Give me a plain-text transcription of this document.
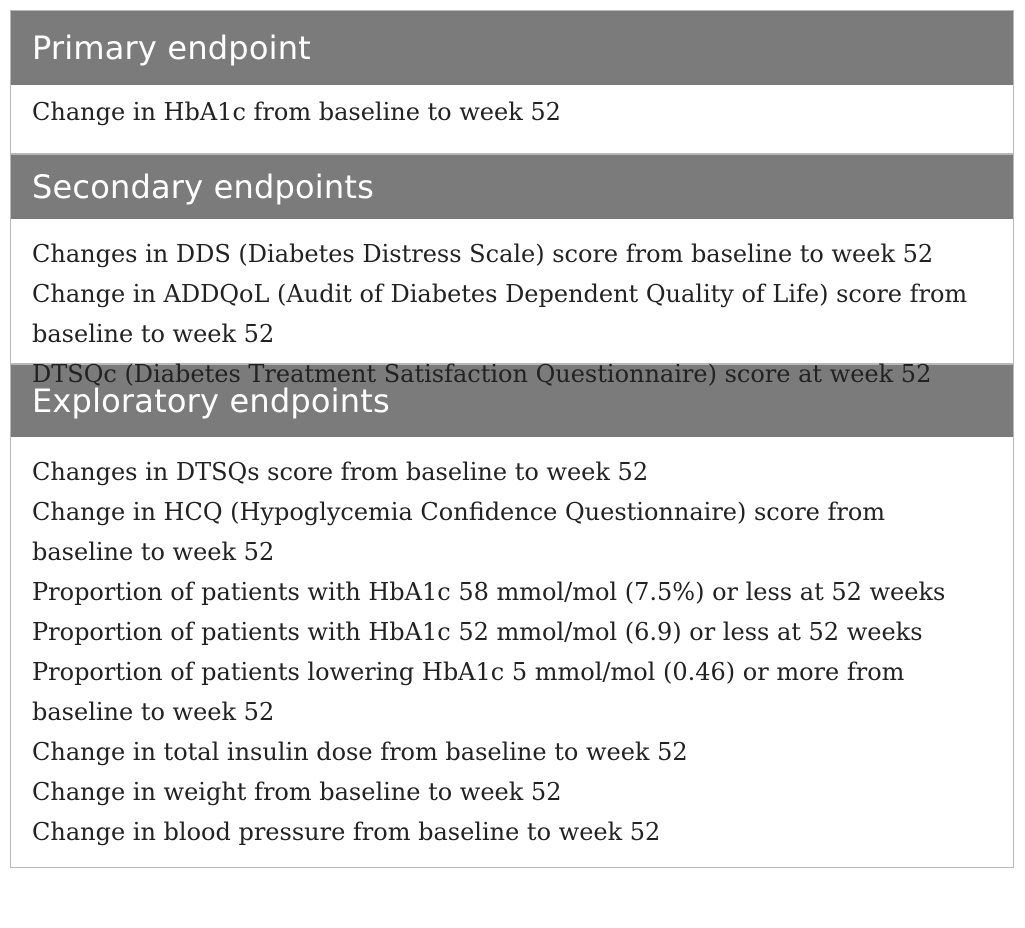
Primary endpoint
Change in HbA1c from baseline to week 52
Secondary endpoints
Changes in DDS (Diabetes Distress Scale) score from baseline to week 52
Change in ADDQoL (Audit of Diabetes Dependent Quality of Life) score from baseline to week 52
DTSQc (Diabetes Treatment Satisfaction Questionnaire) score at week 52
Exploratory endpoints
Changes in DTSQs score from baseline to week 52
Change in HCQ (Hypoglycemia Confidence Questionnaire) score from baseline to week 52
Proportion of patients with HbA1c 58 mmol/mol (7.5%) or less at 52 weeks
Proportion of patients with HbA1c 52 mmol/mol (6.9) or less at 52 weeks
Proportion of patients lowering HbA1c 5 mmol/mol (0.46) or more from baseline to week 52
Change in total insulin dose from baseline to week 52
Change in weight from baseline to week 52
Change in blood pressure from baseline to week 52
